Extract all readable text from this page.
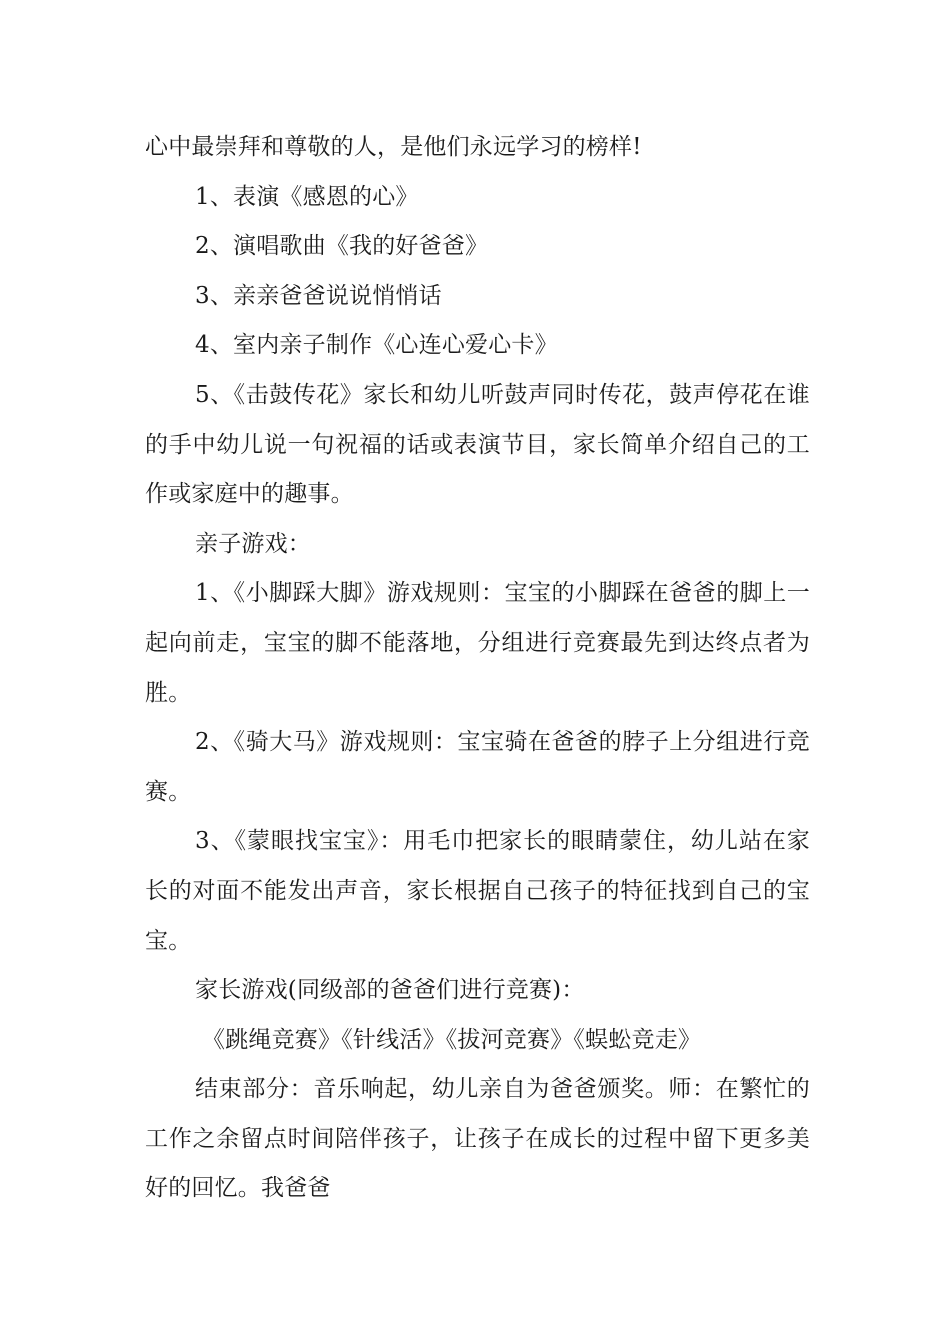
心中最崇拜和尊敬的人，是他们永远学习的榜样!

1、表演《感恩的心》

2、演唱歌曲《我的好爸爸》

3、亲亲爸爸说说悄悄话

4、室内亲子制作《心连心爱心卡》

5、《击鼓传花》家长和幼儿听鼓声同时传花，鼓声停花在谁的手中幼儿说一句祝福的话或表演节目，家长简单介绍自己的工作或家庭中的趣事。

亲子游戏：

1、《小脚踩大脚》游戏规则：宝宝的小脚踩在爸爸的脚上一起向前走，宝宝的脚不能落地，分组进行竞赛最先到达终点者为胜。

2、《骑大马》游戏规则：宝宝骑在爸爸的脖子上分组进行竞赛。

3、《蒙眼找宝宝》：用毛巾把家长的眼睛蒙住，幼儿站在家长的对面不能发出声音，家长根据自己孩子的特征找到自己的宝宝。

家长游戏(同级部的爸爸们进行竞赛)：

《跳绳竞赛》《针线活》《拔河竞赛》《蜈蚣竞走》

结束部分：音乐响起，幼儿亲自为爸爸颁奖。师：在繁忙的工作之余留点时间陪伴孩子，让孩子在成长的过程中留下更多美好的回忆。我爸爸
